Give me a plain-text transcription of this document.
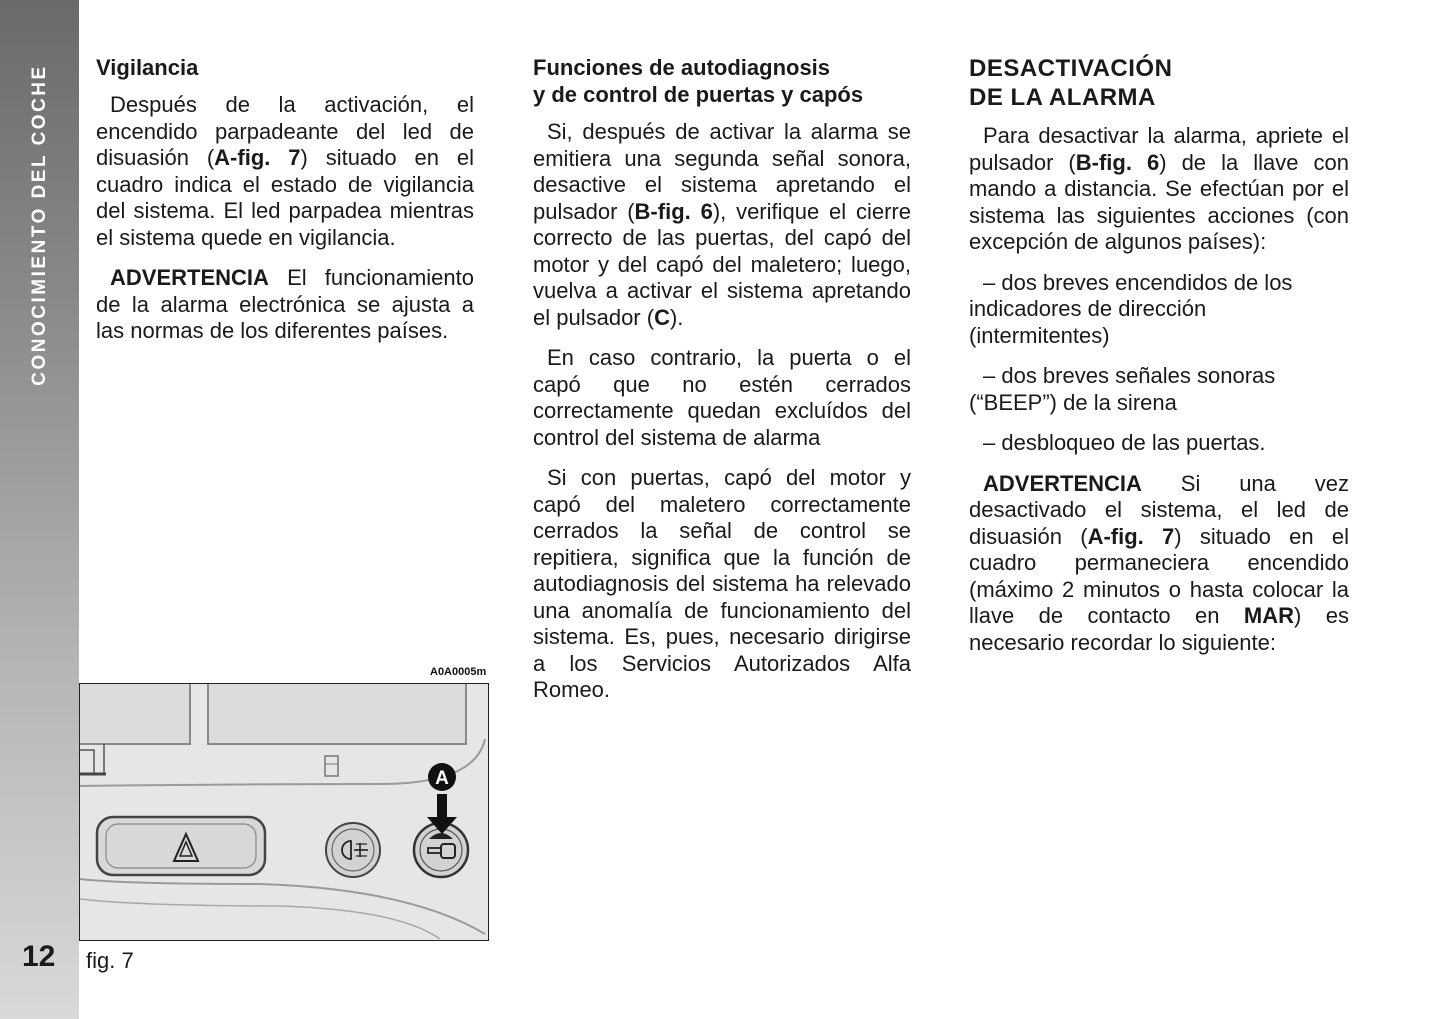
CONOCIMIENTO DEL COCHE
12
Vigilancia

Después de la activación, el encendido parpadeante del led de disuasión (A-fig. 7) situado en el cuadro indica el estado de vigilancia del sistema. El led parpadea mientras el sistema quede en vigilancia.

ADVERTENCIA El funcionamiento de la alarma electrónica se ajusta a las normas de los diferentes países.

Funciones de autodiagnosis
y de control de puertas y capós

Si, después de activar la alarma se emitiera una segunda señal sonora, desactive el sistema apretando el pulsador (B-fig. 6), verifique el cierre correcto de las puertas, del capó del motor y del capó del maletero; luego, vuelva a activar el sistema apretando el pulsador (C).

En caso contrario, la puerta o el capó que no estén cerrados correctamente quedan excluídos del control del sistema de alarma

Si con puertas, capó del motor y capó del maletero correctamente cerrados la señal de control se repitiera, significa que la función de autodiagnosis del sistema ha relevado una anomalía de funcionamiento del sistema. Es, pues, necesario dirigirse a los Servicios Autorizados Alfa Romeo.

DESACTIVACIÓN
DE LA ALARMA

Para desactivar la alarma, apriete el pulsador (B-fig. 6) de la llave con mando a distancia. Se efectúan por el sistema las siguientes acciones (con excepción de algunos países):

– dos breves encendidos de los indicadores de dirección (intermitentes)

– dos breves señales sonoras (“BEEP”) de la sirena

– desbloqueo de las puertas.

ADVERTENCIA Si una vez desactivado el sistema, el led de disuasión (A-fig. 7) situado en el cuadro permaneciera encendido (máximo 2 minutos o hasta colocar la llave de contacto en MAR) es necesario recordar lo siguiente:

A0A0005m
A
fig. 7
